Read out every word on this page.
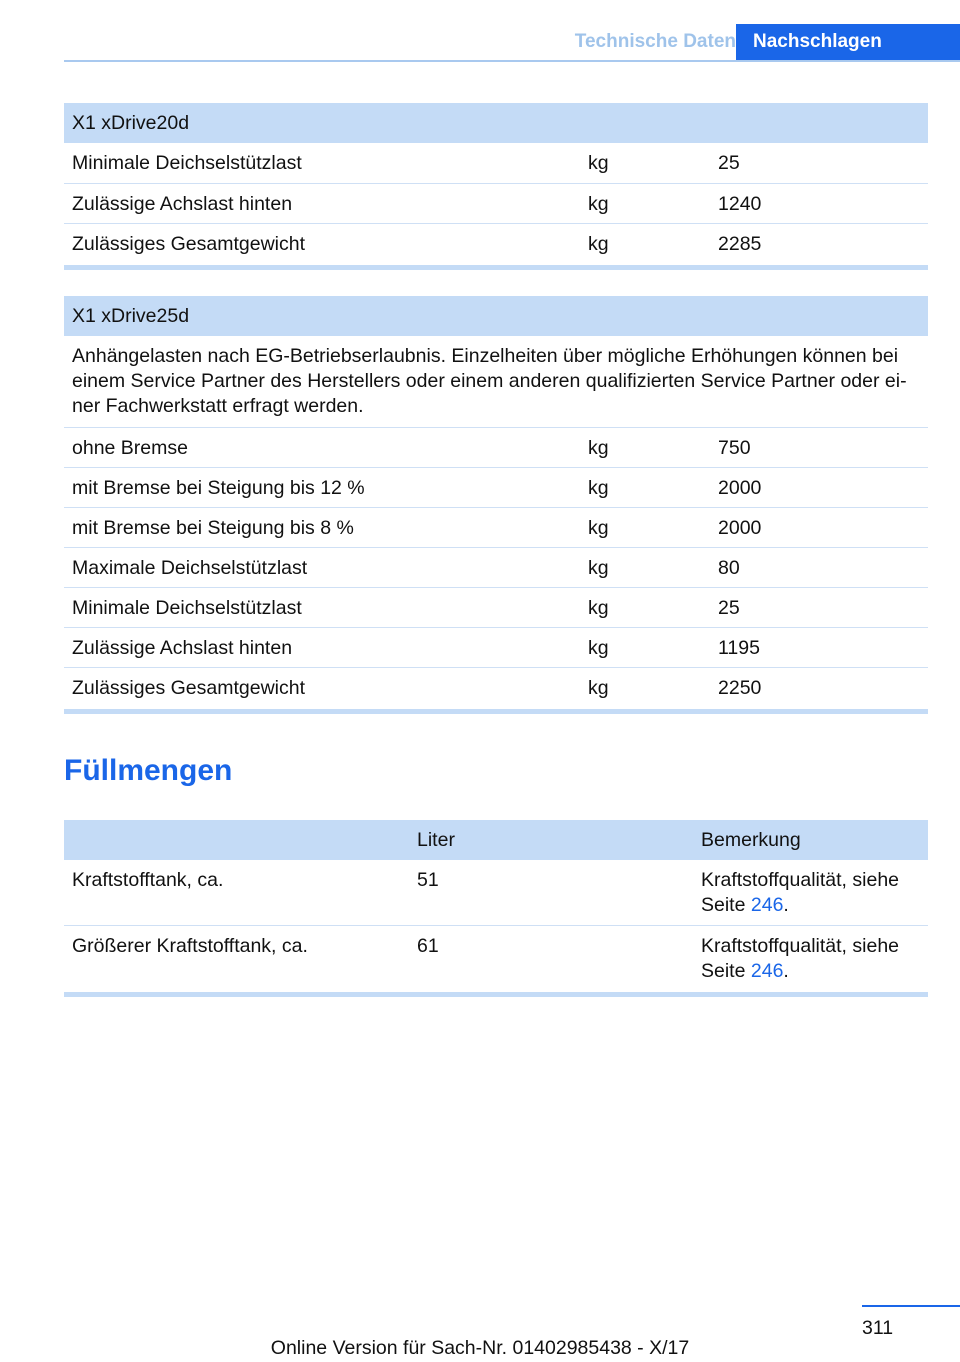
Technische Daten Nachschlagen
X1 xDrive20d		
Minimale Deichselstützlast	kg	25
Zulässige Achslast hinten	kg	1240
Zulässiges Gesamtgewicht	kg	2285
X1 xDrive25d		
Anhängelasten nach EG-Betriebserlaubnis. Einzelheiten über mögliche Erhöhungen können bei einem Service Partner des Herstellers oder einem anderen qualifizierten Service Partner oder ei-ner Fachwerkstatt erfragt werden.		
ohne Bremse	kg	750
mit Bremse bei Steigung bis 12 %	kg	2000
mit Bremse bei Steigung bis 8 %	kg	2000
Maximale Deichselstützlast	kg	80
Minimale Deichselstützlast	kg	25
Zulässige Achslast hinten	kg	1195
Zulässiges Gesamtgewicht	kg	2250
Füllmengen
	Liter	Bemerkung
Kraftstofftank, ca.	51	Kraftstoffqualität, siehe Seite 246.
Größerer Kraftstofftank, ca.	61	Kraftstoffqualität, siehe Seite 246.
311
Online Version für Sach-Nr. 01402985438 - X/17
